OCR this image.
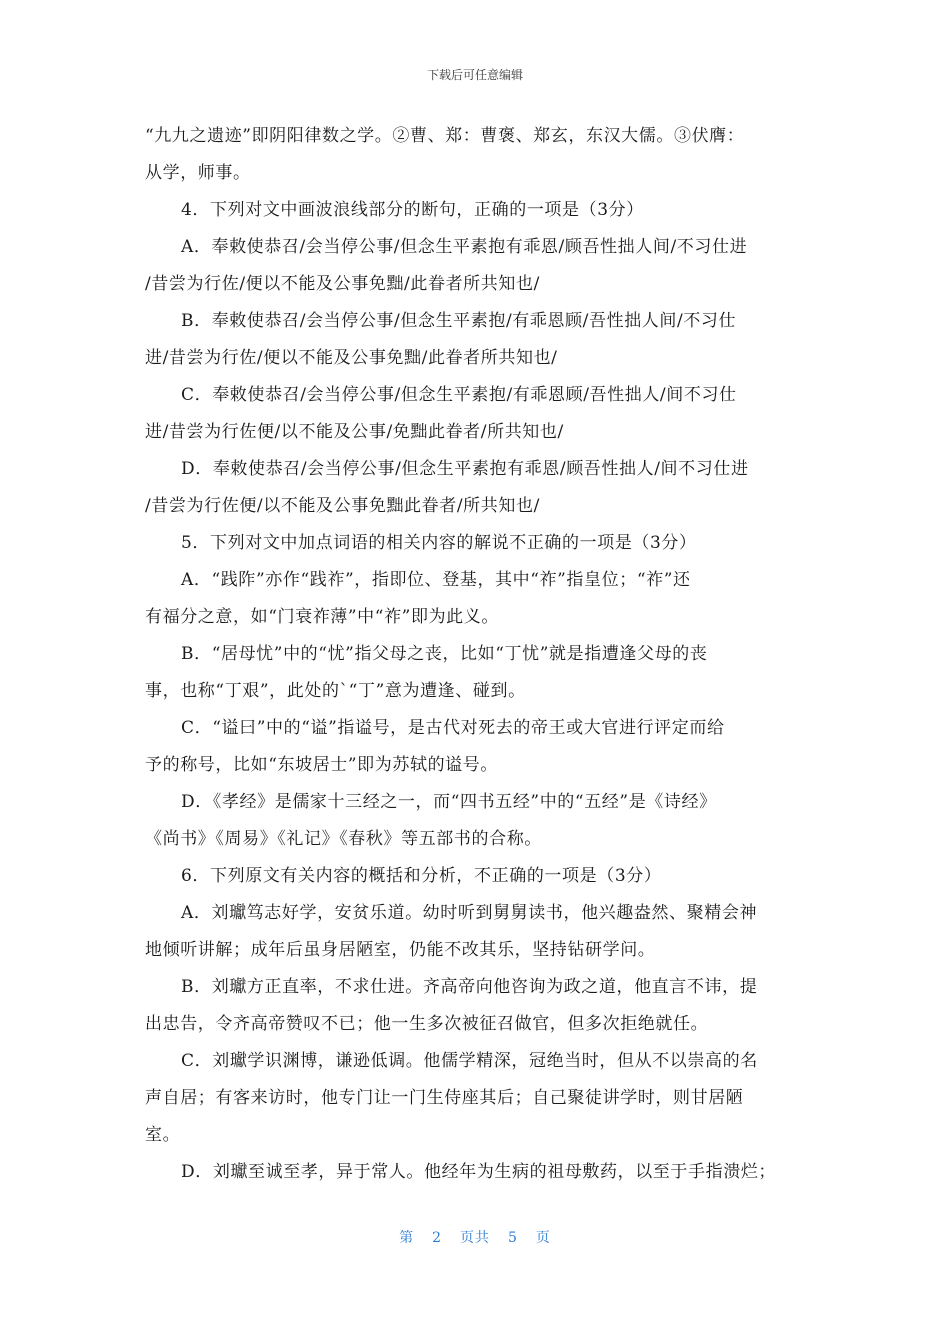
下载后可任意编辑
“九九之遗迹”即阴阳律数之学。②曹、郑：曹褒、郑玄，东汉大儒。③伏膺：
从学，师事。
4．下列对文中画波浪线部分的断句，正确的一项是（3分）
A．奉敕使恭召/会当停公事/但念生平素抱有乖恩/顾吾性拙人间/不习仕进
/昔尝为行佐/便以不能及公事免黜/此眷者所共知也/
B．奉敕使恭召/会当停公事/但念生平素抱/有乖恩顾/吾性拙人间/不习仕
进/昔尝为行佐/便以不能及公事免黜/此眷者所共知也/
C．奉敕使恭召/会当停公事/但念生平素抱/有乖恩顾/吾性拙人/间不习仕
进/昔尝为行佐便/以不能及公事/免黜此眷者/所共知也/
D．奉敕使恭召/会当停公事/但念生平素抱有乖恩/顾吾性拙人/间不习仕进
/昔尝为行佐便/以不能及公事免黜此眷者/所共知也/
5．下列对文中加点词语的相关内容的解说不正确的一项是（3分）
A．“践阼”亦作“践祚”，指即位、登基，其中“祚”指皇位；“祚”还
有福分之意，如“门衰祚薄”中“祚”即为此义。
B．“居母忧”中的“忧”指父母之丧，比如“丁忧”就是指遭逢父母的丧
事，也称“丁艰”，此处的`“丁”意为遭逢、碰到。
C．“谥曰”中的“谥”指谥号，是古代对死去的帝王或大官进行评定而给
予的称号，比如“东坡居士”即为苏轼的谥号。
D．《孝经》是儒家十三经之一，而“四书五经”中的“五经”是《诗经》
《尚书》《周易》《礼记》《春秋》等五部书的合称。
6．下列原文有关内容的概括和分析，不正确的一项是（3分）
A．刘瓛笃志好学，安贫乐道。幼时听到舅舅读书，他兴趣盎然、聚精会神
地倾听讲解；成年后虽身居陋室，仍能不改其乐，坚持钻研学问。
B．刘瓛方正直率，不求仕进。齐高帝向他咨询为政之道，他直言不讳，提
出忠告，令齐高帝赞叹不已；他一生多次被征召做官，但多次拒绝就任。
C．刘瓛学识渊博，谦逊低调。他儒学精深，冠绝当时，但从不以崇高的名
声自居；有客来访时，他专门让一门生侍座其后；自己聚徒讲学时，则甘居陋
室。
D．刘瓛至诚至孝，异于常人。他经年为生病的祖母敷药，以至于手指溃烂；
第 2 页共 5 页
